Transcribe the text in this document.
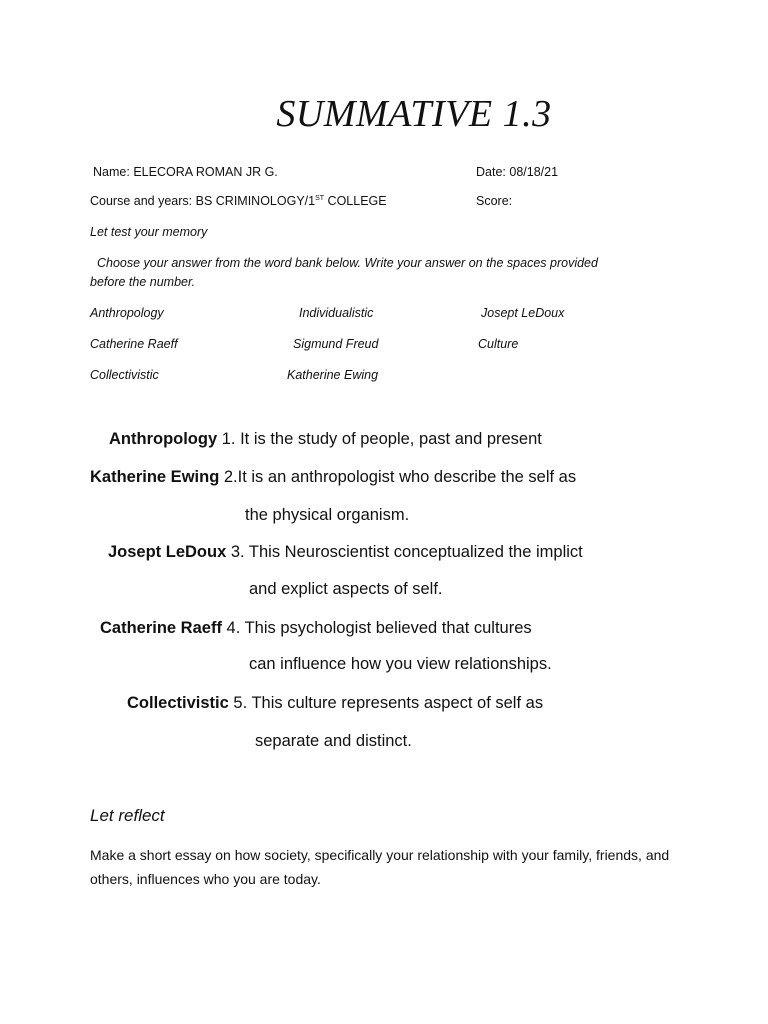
SUMMATIVE 1.3
Name: ELECORA ROMAN JR G.	Date: 08/18/21
Course and years: BS CRIMINOLOGY/1ST COLLEGE	Score:
Let test your memory
Choose your answer from the word bank below. Write your answer on the spaces provided
before the number.
Anthropology	Individualistic	Josept LeDoux
Catherine Raeff	Sigmund Freud	Culture
Collectivistic	Katherine Ewing
Anthropology 1. It is the study of people, past and present
Katherine Ewing 2.It is an anthropologist who describe the self as
the physical organism.
Josept LeDoux 3. This Neuroscientist conceptualized the implict
and explict aspects of self.
Catherine Raeff 4. This psychologist believed that cultures
can influence how you view relationships.
Collectivistic 5. This culture represents aspect of self as
separate and distinct.
Let reflect
Make a short essay on how society, specifically your relationship with your family, friends, and others, influences who you are today.
